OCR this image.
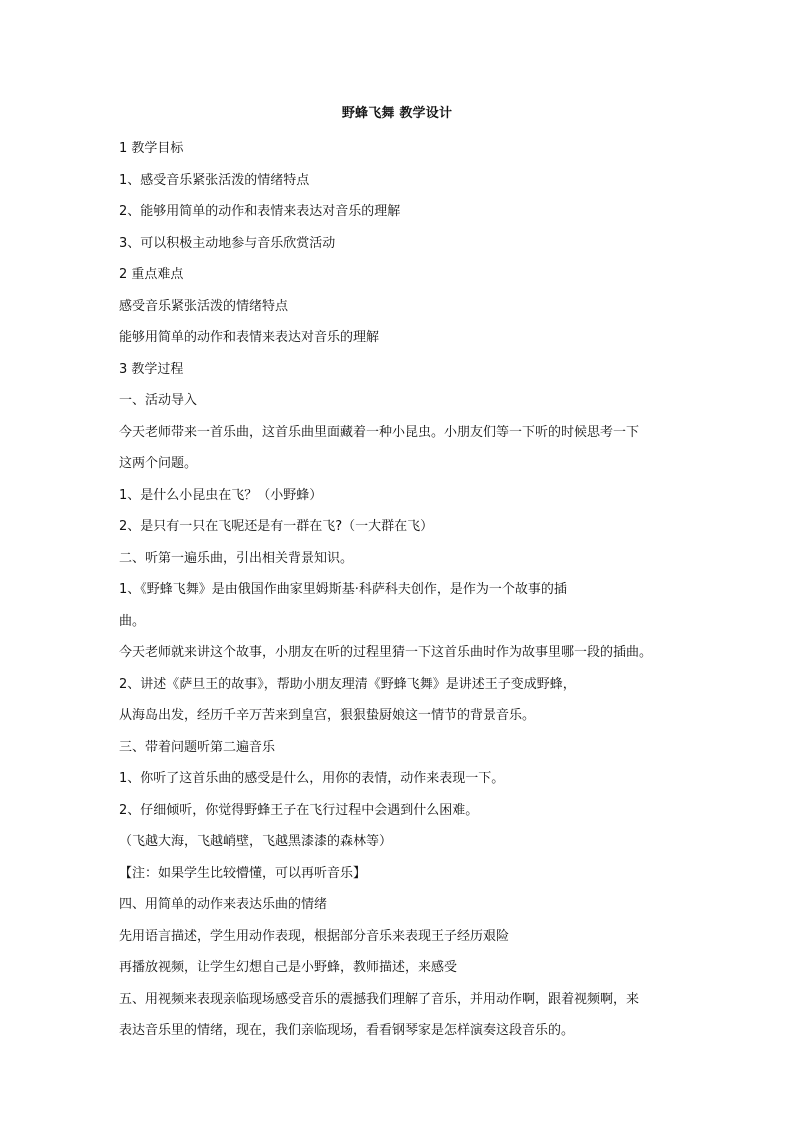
野蜂飞舞 教学设计
1 教学目标
1、感受音乐紧张活泼的情绪特点
2、能够用简单的动作和表情来表达对音乐的理解
3、可以积极主动地参与音乐欣赏活动
2 重点难点
感受音乐紧张活泼的情绪特点
能够用简单的动作和表情来表达对音乐的理解
3 教学过程
一、活动导入
今天老师带来一首乐曲，这首乐曲里面藏着一种小昆虫。小朋友们等一下听的时候思考一下
这两个问题。
1、是什么小昆虫在飞？（小野蜂）
2、是只有一只在飞呢还是有一群在飞?（一大群在飞）
二、听第一遍乐曲，引出相关背景知识。
1、《野蜂飞舞》是由俄国作曲家里姆斯基·科萨科夫创作，是作为一个故事的插
曲。
今天老师就来讲这个故事，小朋友在听的过程里猜一下这首乐曲时作为故事里哪一段的插曲。
2、讲述《萨旦王的故事》，帮助小朋友理清《野蜂飞舞》是讲述王子变成野蜂，
从海岛出发，经历千辛万苦来到皇宫，狠狠蛰厨娘这一情节的背景音乐。
三、带着问题听第二遍音乐
1、你听了这首乐曲的感受是什么，用你的表情，动作来表现一下。
2、仔细倾听，你觉得野蜂王子在飞行过程中会遇到什么困难。
（飞越大海，飞越峭壁，飞越黑漆漆的森林等）
【注：如果学生比较懵懂，可以再听音乐】
四、用简单的动作来表达乐曲的情绪
先用语言描述，学生用动作表现，根据部分音乐来表现王子经历艰险
再播放视频，让学生幻想自己是小野蜂，教师描述，来感受
五、用视频来表现亲临现场感受音乐的震撼我们理解了音乐，并用动作啊，跟着视频啊，来
表达音乐里的情绪，现在，我们亲临现场，看看钢琴家是怎样演奏这段音乐的。
